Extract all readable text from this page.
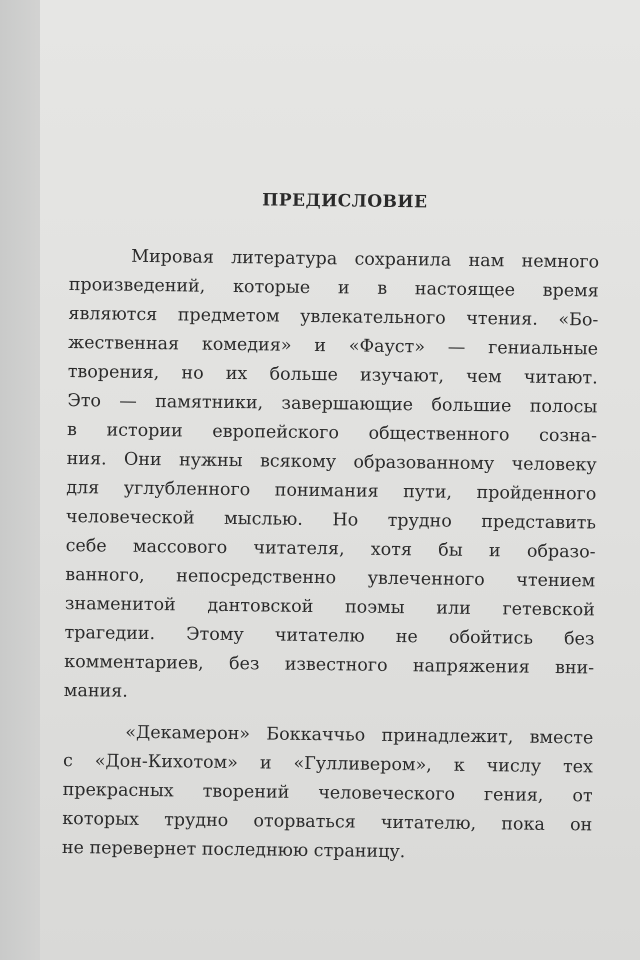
ПРЕДИСЛОВИЕ
Мировая литература сохранила нам немного
произведений, которые и в настоящее время
являются предметом увлекательного чтения. «Бо-
жественная комедия» и «Фауст» — гениальные
творения, но их больше изучают, чем читают.
Это — памятники, завершающие большие полосы
в истории европейского общественного созна-
ния. Они нужны всякому образованному человеку
для углубленного понимания пути, пройденного
человеческой мыслью. Но трудно представить
себе массового читателя, хотя бы и образо-
ванного, непосредственно увлеченного чтением
знаменитой дантовской поэмы или гетевской
трагедии. Этому читателю не обойтись без
комментариев, без известного напряжения вни-
мания.
«Декамерон» Боккаччьо принадлежит, вместе
с «Дон-Кихотом» и «Гулливером», к числу тех
прекрасных творений человеческого гения, от
которых трудно оторваться читателю, пока он
не перевернет последнюю страницу.
